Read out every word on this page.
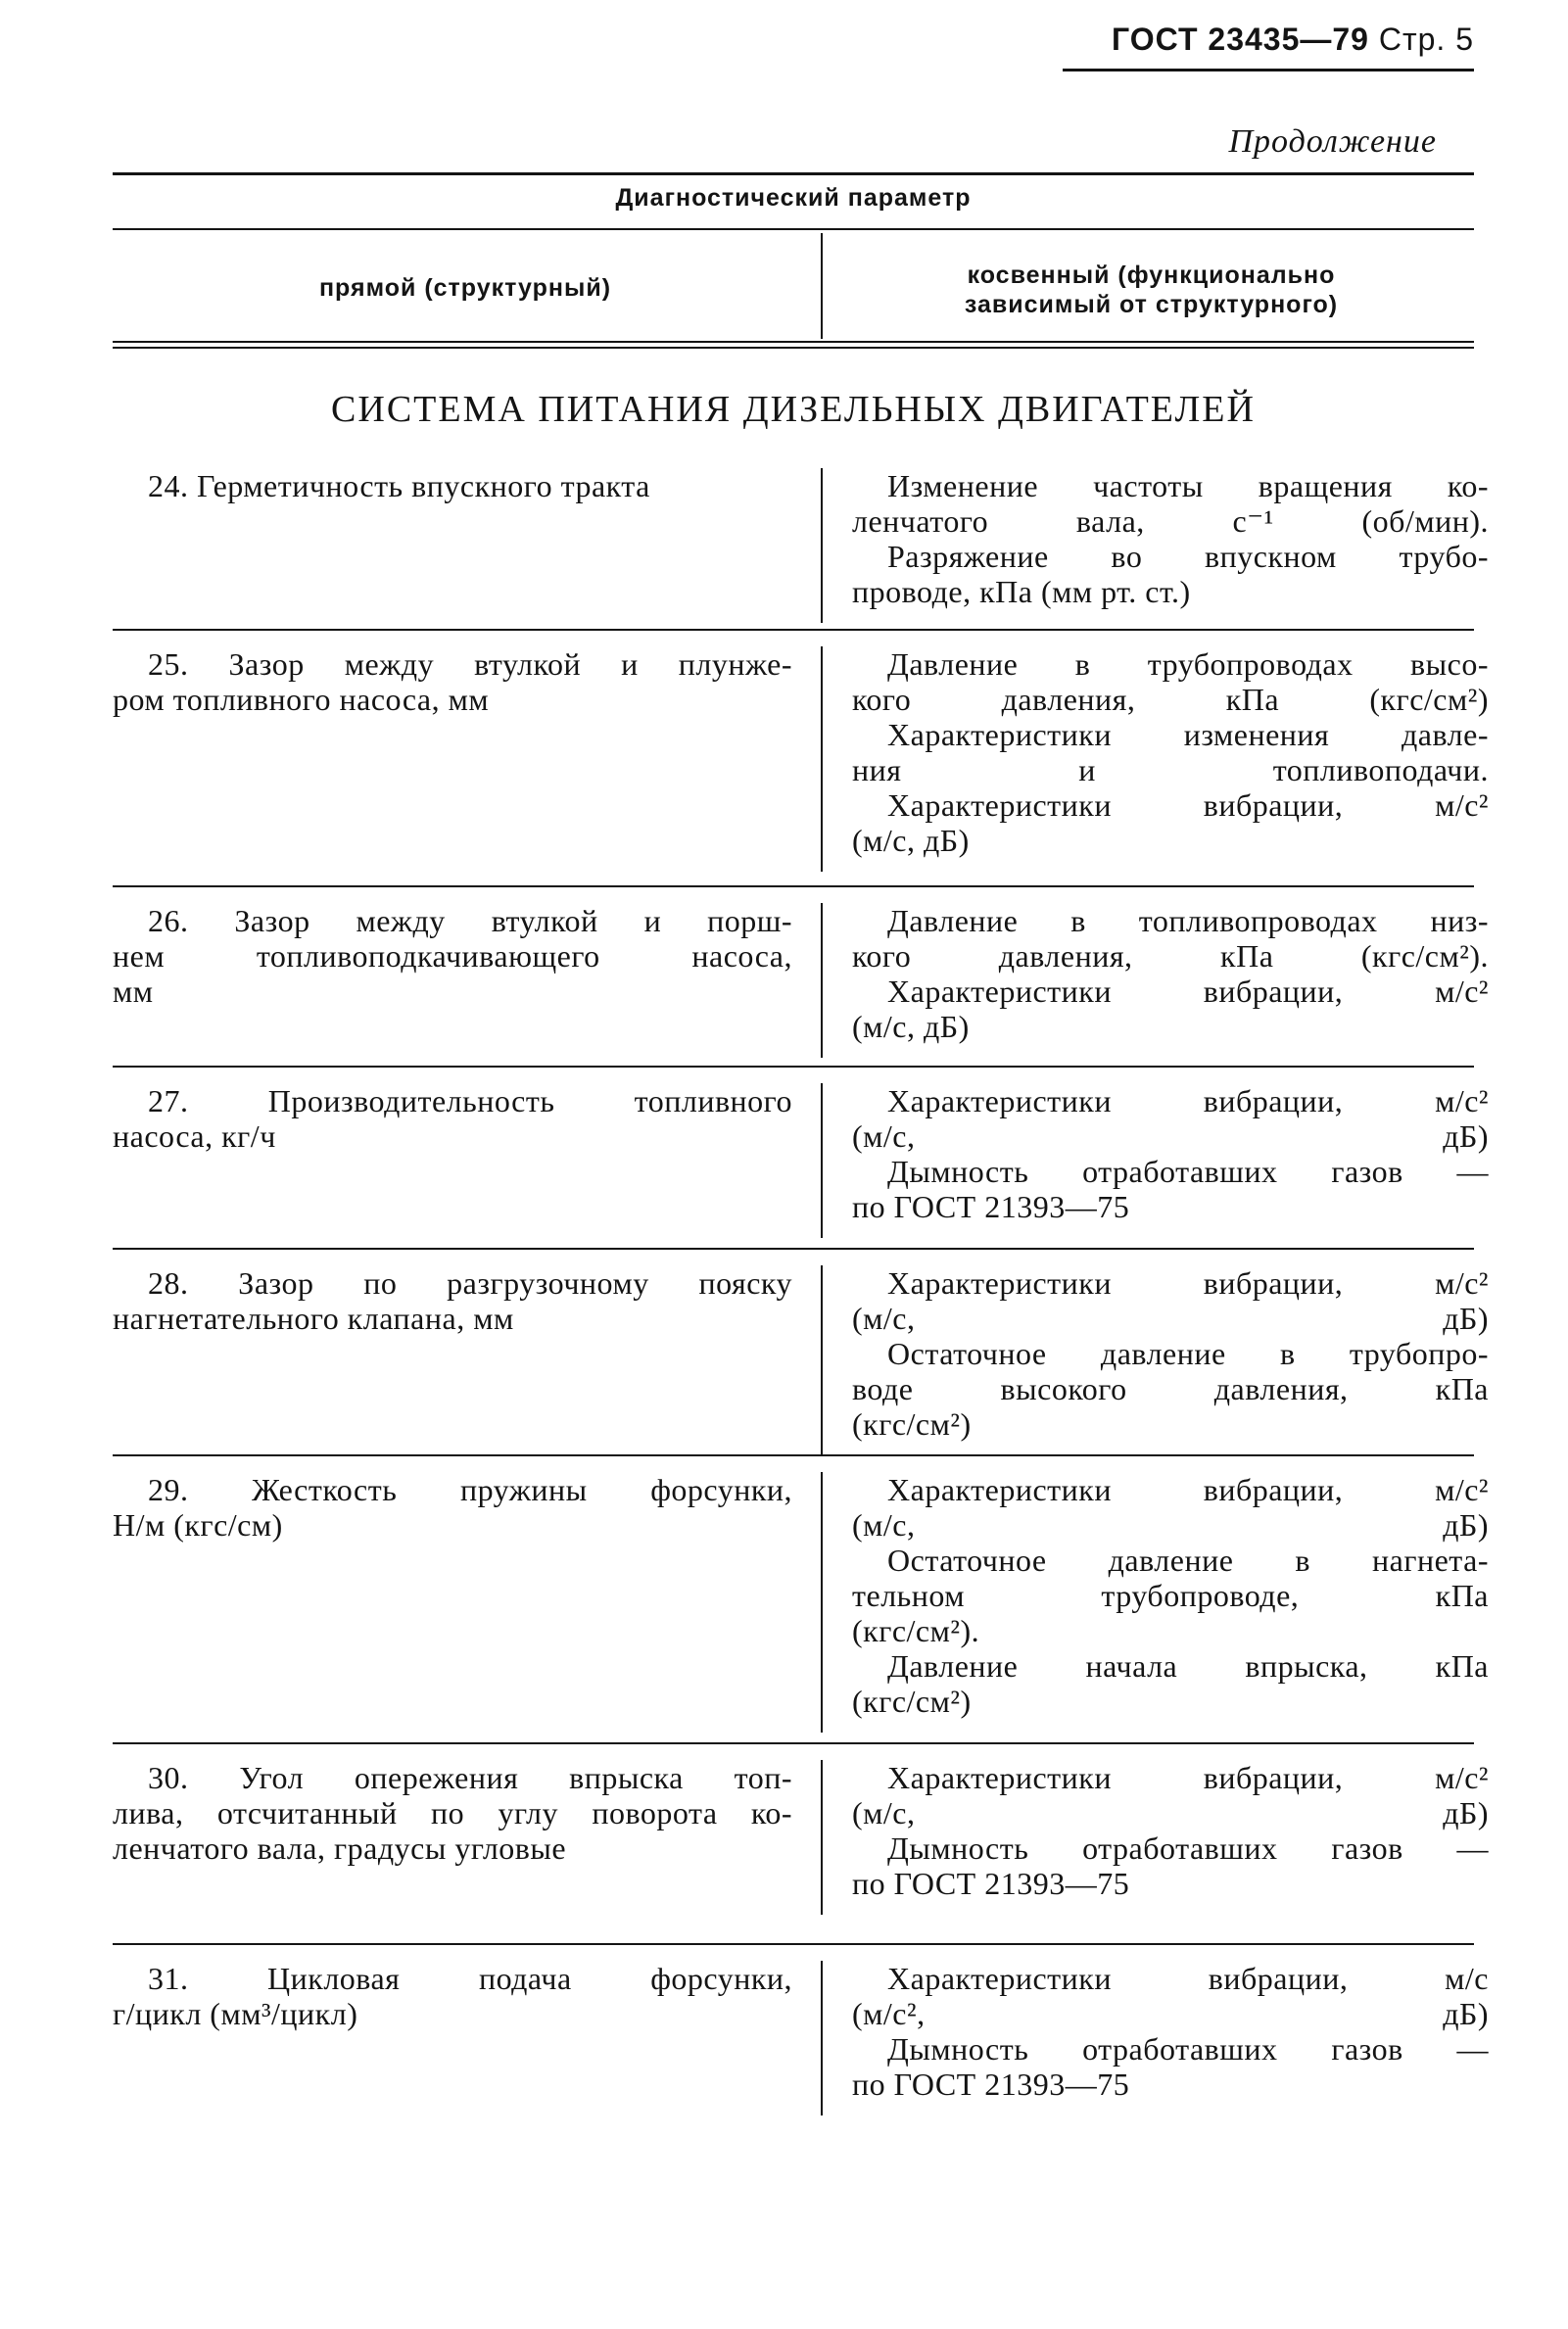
ГОСТ 23435—79 Стр. 5
Продолжение
Диагностический параметр
прямой (структурный)	косвенный (функционально
зависимый от структурного)
СИСТЕМА ПИТАНИЯ ДИЗЕЛЬНЫХ ДВИГАТЕЛЕЙ
24. Герметичность впускного тракта	Изменение частоты вращения ко-
ленчатого вала, с⁻¹ (об/мин).
Разряжение во впускном трубо-
проводе, кПа (мм рт. ст.)
25. Зазор между втулкой и плунже-
ром топливного насоса, мм
Давление в трубопроводах высо-
кого давления, кПа (кгс/см²)
Характеристики изменения давле-
ния и топливоподачи.
Характеристики вибрации, м/с²
(м/с, дБ)
26. Зазор между втулкой и порш-
нем топливоподкачивающего насоса,
мм
Давление в топливопроводах низ-
кого давления, кПа (кгс/см²).
Характеристики вибрации, м/с²
(м/с, дБ)
27. Производительность топливного
насоса, кг/ч
Характеристики вибрации, м/с²
(м/с, дБ)
Дымность отработавших газов —
по ГОСТ 21393—75
28. Зазор по разгрузочному пояску
нагнетательного клапана, мм
Характеристики вибрации, м/с²
(м/с, дБ)
Остаточное давление в трубопро-
воде высокого давления, кПа
(кгс/см²)
29. Жесткость пружины форсунки,
Н/м (кгс/см)
Характеристики вибрации, м/с²
(м/с, дБ)
Остаточное давление в нагнета-
тельном трубопроводе, кПа
(кгс/см²).
Давление начала впрыска, кПа
(кгс/см²)
30. Угол опережения впрыска топ-
лива, отсчитанный по углу поворота ко-
ленчатого вала, градусы угловые
Характеристики вибрации, м/с²
(м/с, дБ)
Дымность отработавших газов —
по ГОСТ 21393—75
31. Цикловая подача форсунки,
г/цикл (мм³/цикл)
Характеристики вибрации, м/с
(м/с², дБ)
Дымность отработавших газов —
по ГОСТ 21393—75
